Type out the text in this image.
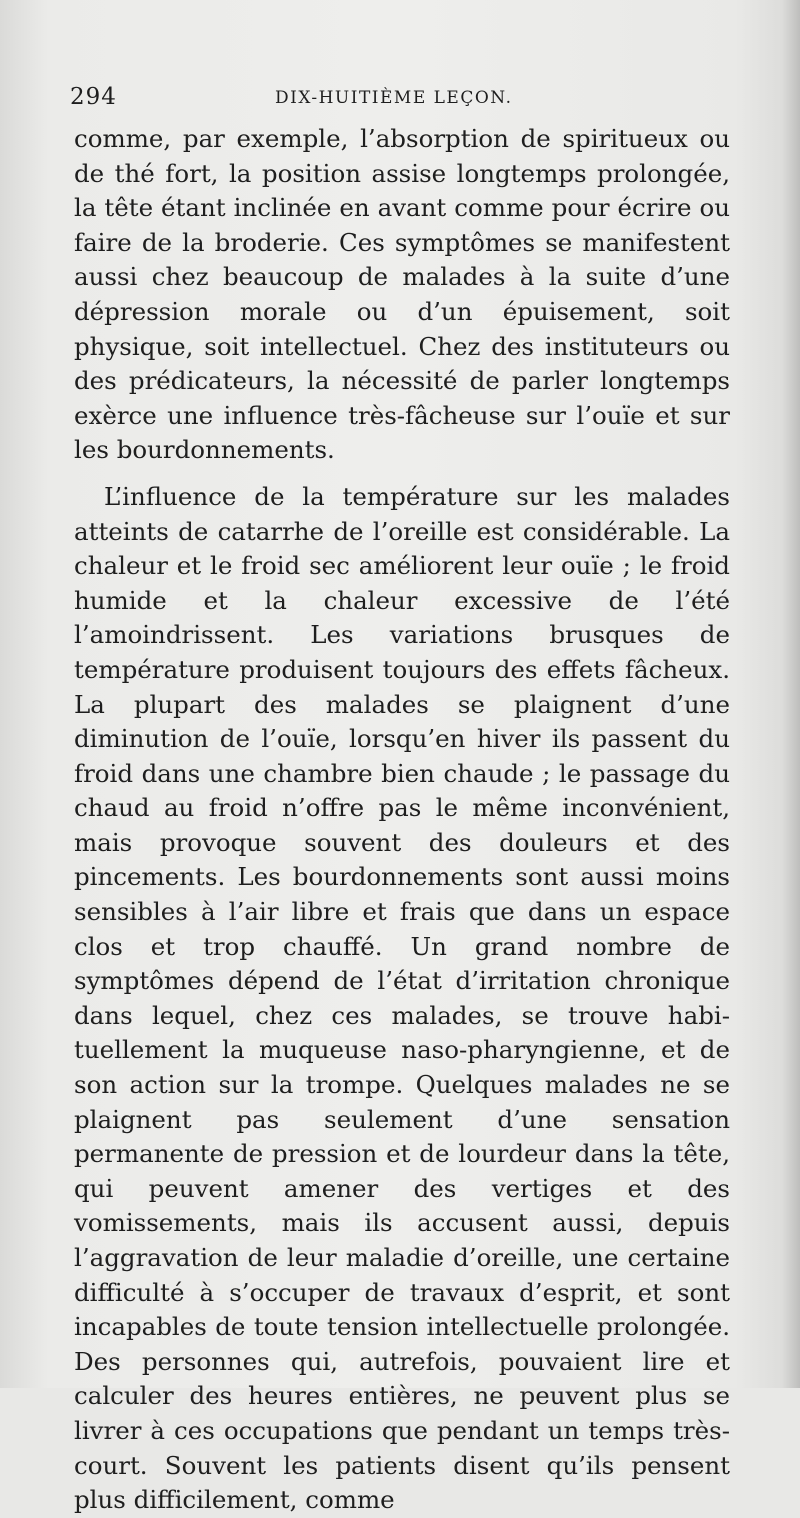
294	DIX-HUITIÈME LEÇON.

comme, par exemple, l’absorption de spiritueux ou de thé fort, la position assise longtemps prolongée, la tête étant inclinée en avant comme pour écrire ou faire de la broderie. Ces symptômes se manifestent aussi chez beaucoup de malades à la suite d’une dépression morale ou d’un épuisement, soit physique, soit intellectuel. Chez des instituteurs ou des prédicateurs, la nécessité de parler longtemps exèrce une influence très-fâcheuse sur l’ouïe et sur les bourdonnements.

L’influence de la température sur les malades atteints de catarrhe de l’oreille est considérable. La chaleur et le froid sec améliorent leur ouïe ; le froid humide et la chaleur excessive de l’été l’amoindrissent. Les variations brusques de température produisent toujours des effets fâcheux. La plupart des malades se plaignent d’une diminution de l’ouïe, lorsqu’en hiver ils passent du froid dans une chambre bien chaude ; le passage du chaud au froid n’offre pas le même inconvénient, mais provoque souvent des douleurs et des pincements. Les bourdonnements sont aussi moins sensibles à l’air libre et frais que dans un espace clos et trop chauffé. Un grand nombre de symptômes dépend de l’état d’irritation chronique dans lequel, chez ces malades, se trouve habituellement la muqueuse naso-pharyngienne, et de son action sur la trompe. Quelques malades ne se plaignent pas seulement d’une sensation permanente de pression et de lourdeur dans la tête, qui peuvent amener des vertiges et des vomissements, mais ils accusent aussi, depuis l’aggravation de leur maladie d’oreille, une certaine difficulté à s’occuper de travaux d’esprit, et sont incapables de toute tension intellectuelle prolongée. Des personnes qui, autrefois, pouvaient lire et calculer des heures entières, ne peuvent plus se livrer à ces occupations que pendant un temps très-court. Souvent les patients disent qu’ils pensent plus difficilement, comme
